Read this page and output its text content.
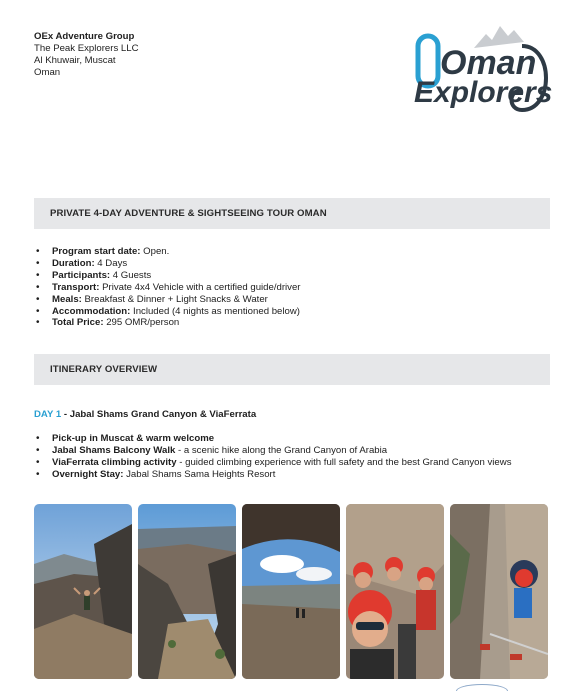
OEx Adventure Group
The Peak Explorers LLC
Al Khuwair, Muscat
Oman	Oman
Explorers
PRIVATE 4-DAY ADVENTURE & SIGHTSEEING TOUR OMAN
• Program start date: Open.
• Duration: 4 Days
• Participants: 4 Guests
• Transport: Private 4x4 Vehicle with a certified guide/driver
• Meals: Breakfast & Dinner + Light Snacks & Water
• Accommodation: Included (4 nights as mentioned below)
• Total Price: 295 OMR/person
ITINERARY OVERVIEW
DAY 1 - Jabal Shams Grand Canyon & ViaFerrata
• Pick-up in Muscat & warm welcome
• Jabal Shams Balcony Walk - a scenic hike along the Grand Canyon of Arabia
• ViaFerrata climbing activity - guided climbing experience with full safety and the best Grand Canyon views
• Overnight Stay: Jabal Shams Sama Heights Resort
